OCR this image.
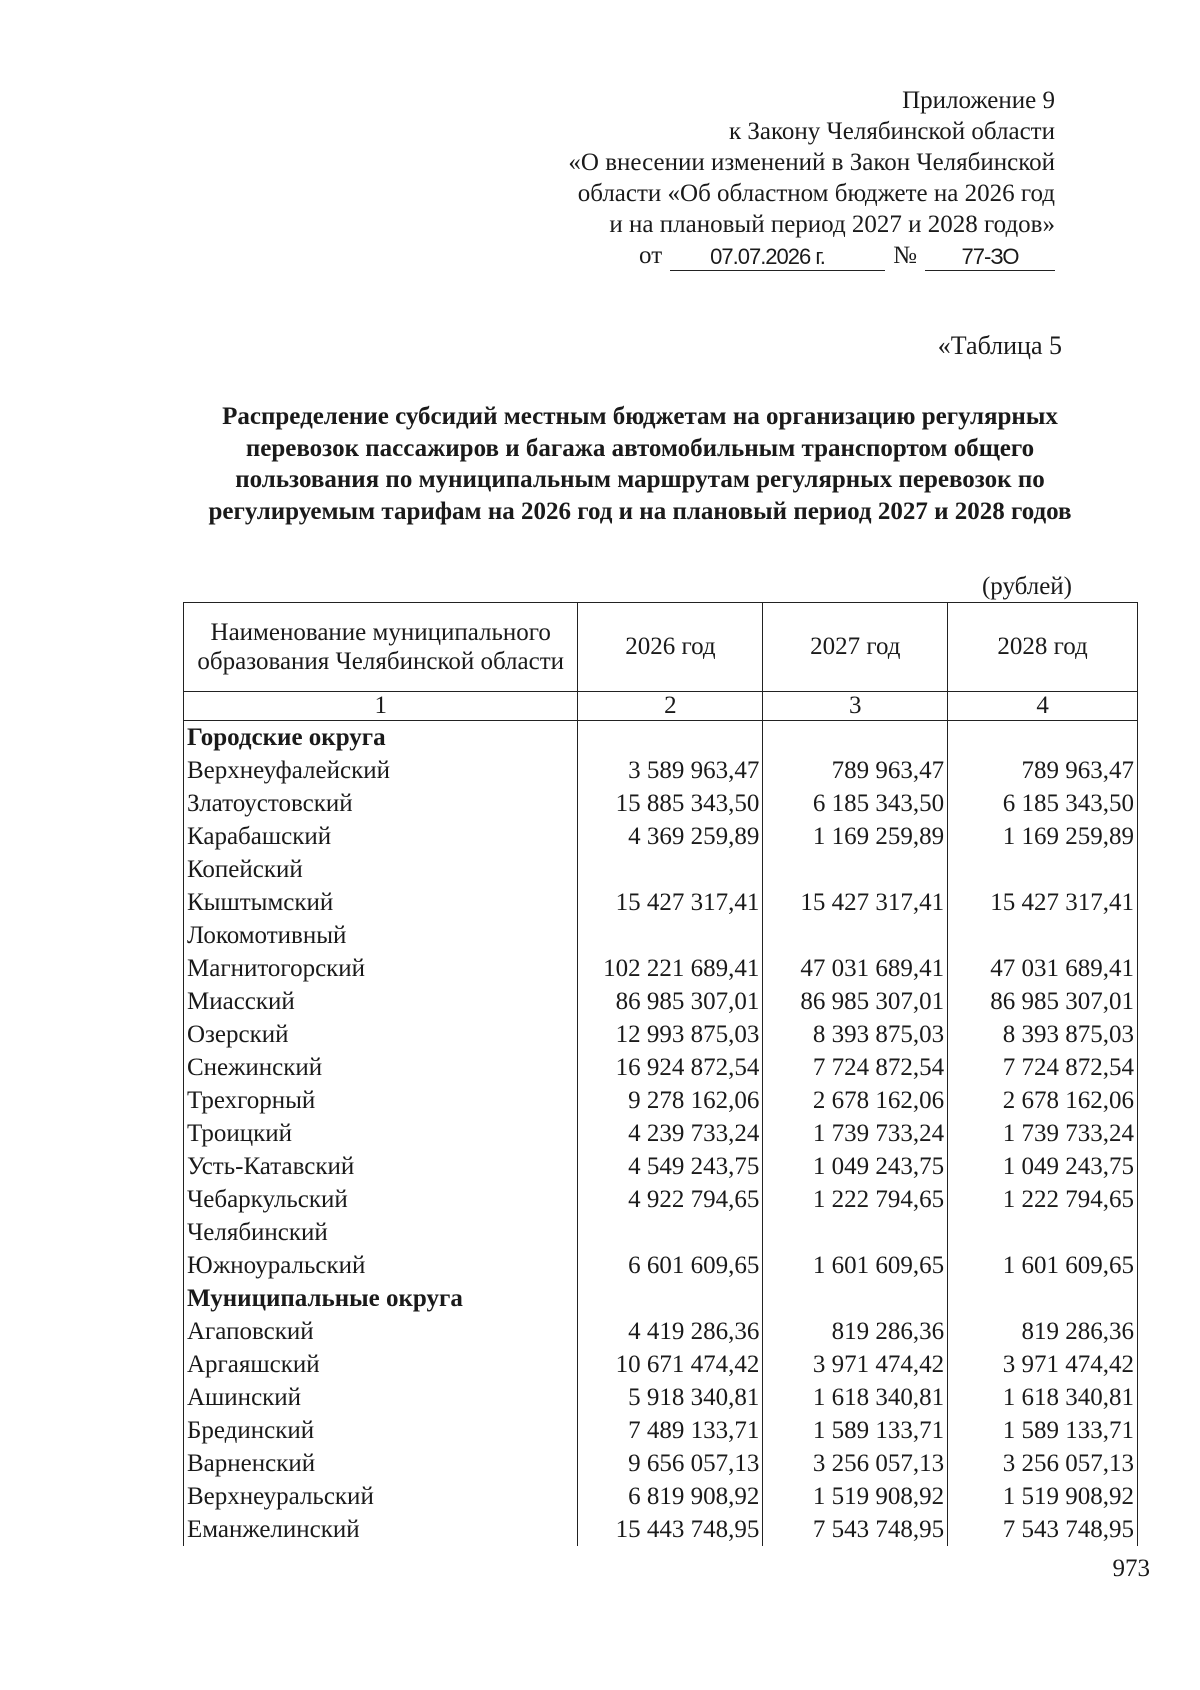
Приложение 9
к Закону Челябинской области
«О внесении изменений в Закон Челябинской
области «Об областном бюджете на 2026 год
и на плановый период 2027 и 2028 годов»
от	07.07.2026 г.	№	77-ЗО
«Таблица 5
Распределение субсидий местным бюджетам на организацию регулярных перевозок пассажиров и багажа автомобильным транспортом общего пользования по муниципальным маршрутам регулярных перевозок по регулируемым тарифам на 2026 год и на плановый период 2027 и 2028 годов
(рублей)
Наименование муниципального образования Челябинской области	2026 год	2027 год	2028 год
1	2	3	4
Городские округа			
Верхнеуфалейский	3 589 963,47	789 963,47	789 963,47
Златоустовский	15 885 343,50	6 185 343,50	6 185 343,50
Карабашский	4 369 259,89	1 169 259,89	1 169 259,89
Копейский			
Кыштымский	15 427 317,41	15 427 317,41	15 427 317,41
Локомотивный			
Магнитогорский	102 221 689,41	47 031 689,41	47 031 689,41
Миасский	86 985 307,01	86 985 307,01	86 985 307,01
Озерский	12 993 875,03	8 393 875,03	8 393 875,03
Снежинский	16 924 872,54	7 724 872,54	7 724 872,54
Трехгорный	9 278 162,06	2 678 162,06	2 678 162,06
Троицкий	4 239 733,24	1 739 733,24	1 739 733,24
Усть-Катавский	4 549 243,75	1 049 243,75	1 049 243,75
Чебаркульский	4 922 794,65	1 222 794,65	1 222 794,65
Челябинский			
Южноуральский	6 601 609,65	1 601 609,65	1 601 609,65
Муниципальные округа			
Агаповский	4 419 286,36	819 286,36	819 286,36
Аргаяшский	10 671 474,42	3 971 474,42	3 971 474,42
Ашинский	5 918 340,81	1 618 340,81	1 618 340,81
Брединский	7 489 133,71	1 589 133,71	1 589 133,71
Варненский	9 656 057,13	3 256 057,13	3 256 057,13
Верхнеуральский	6 819 908,92	1 519 908,92	1 519 908,92
Еманжелинский	15 443 748,95	7 543 748,95	7 543 748,95
973
